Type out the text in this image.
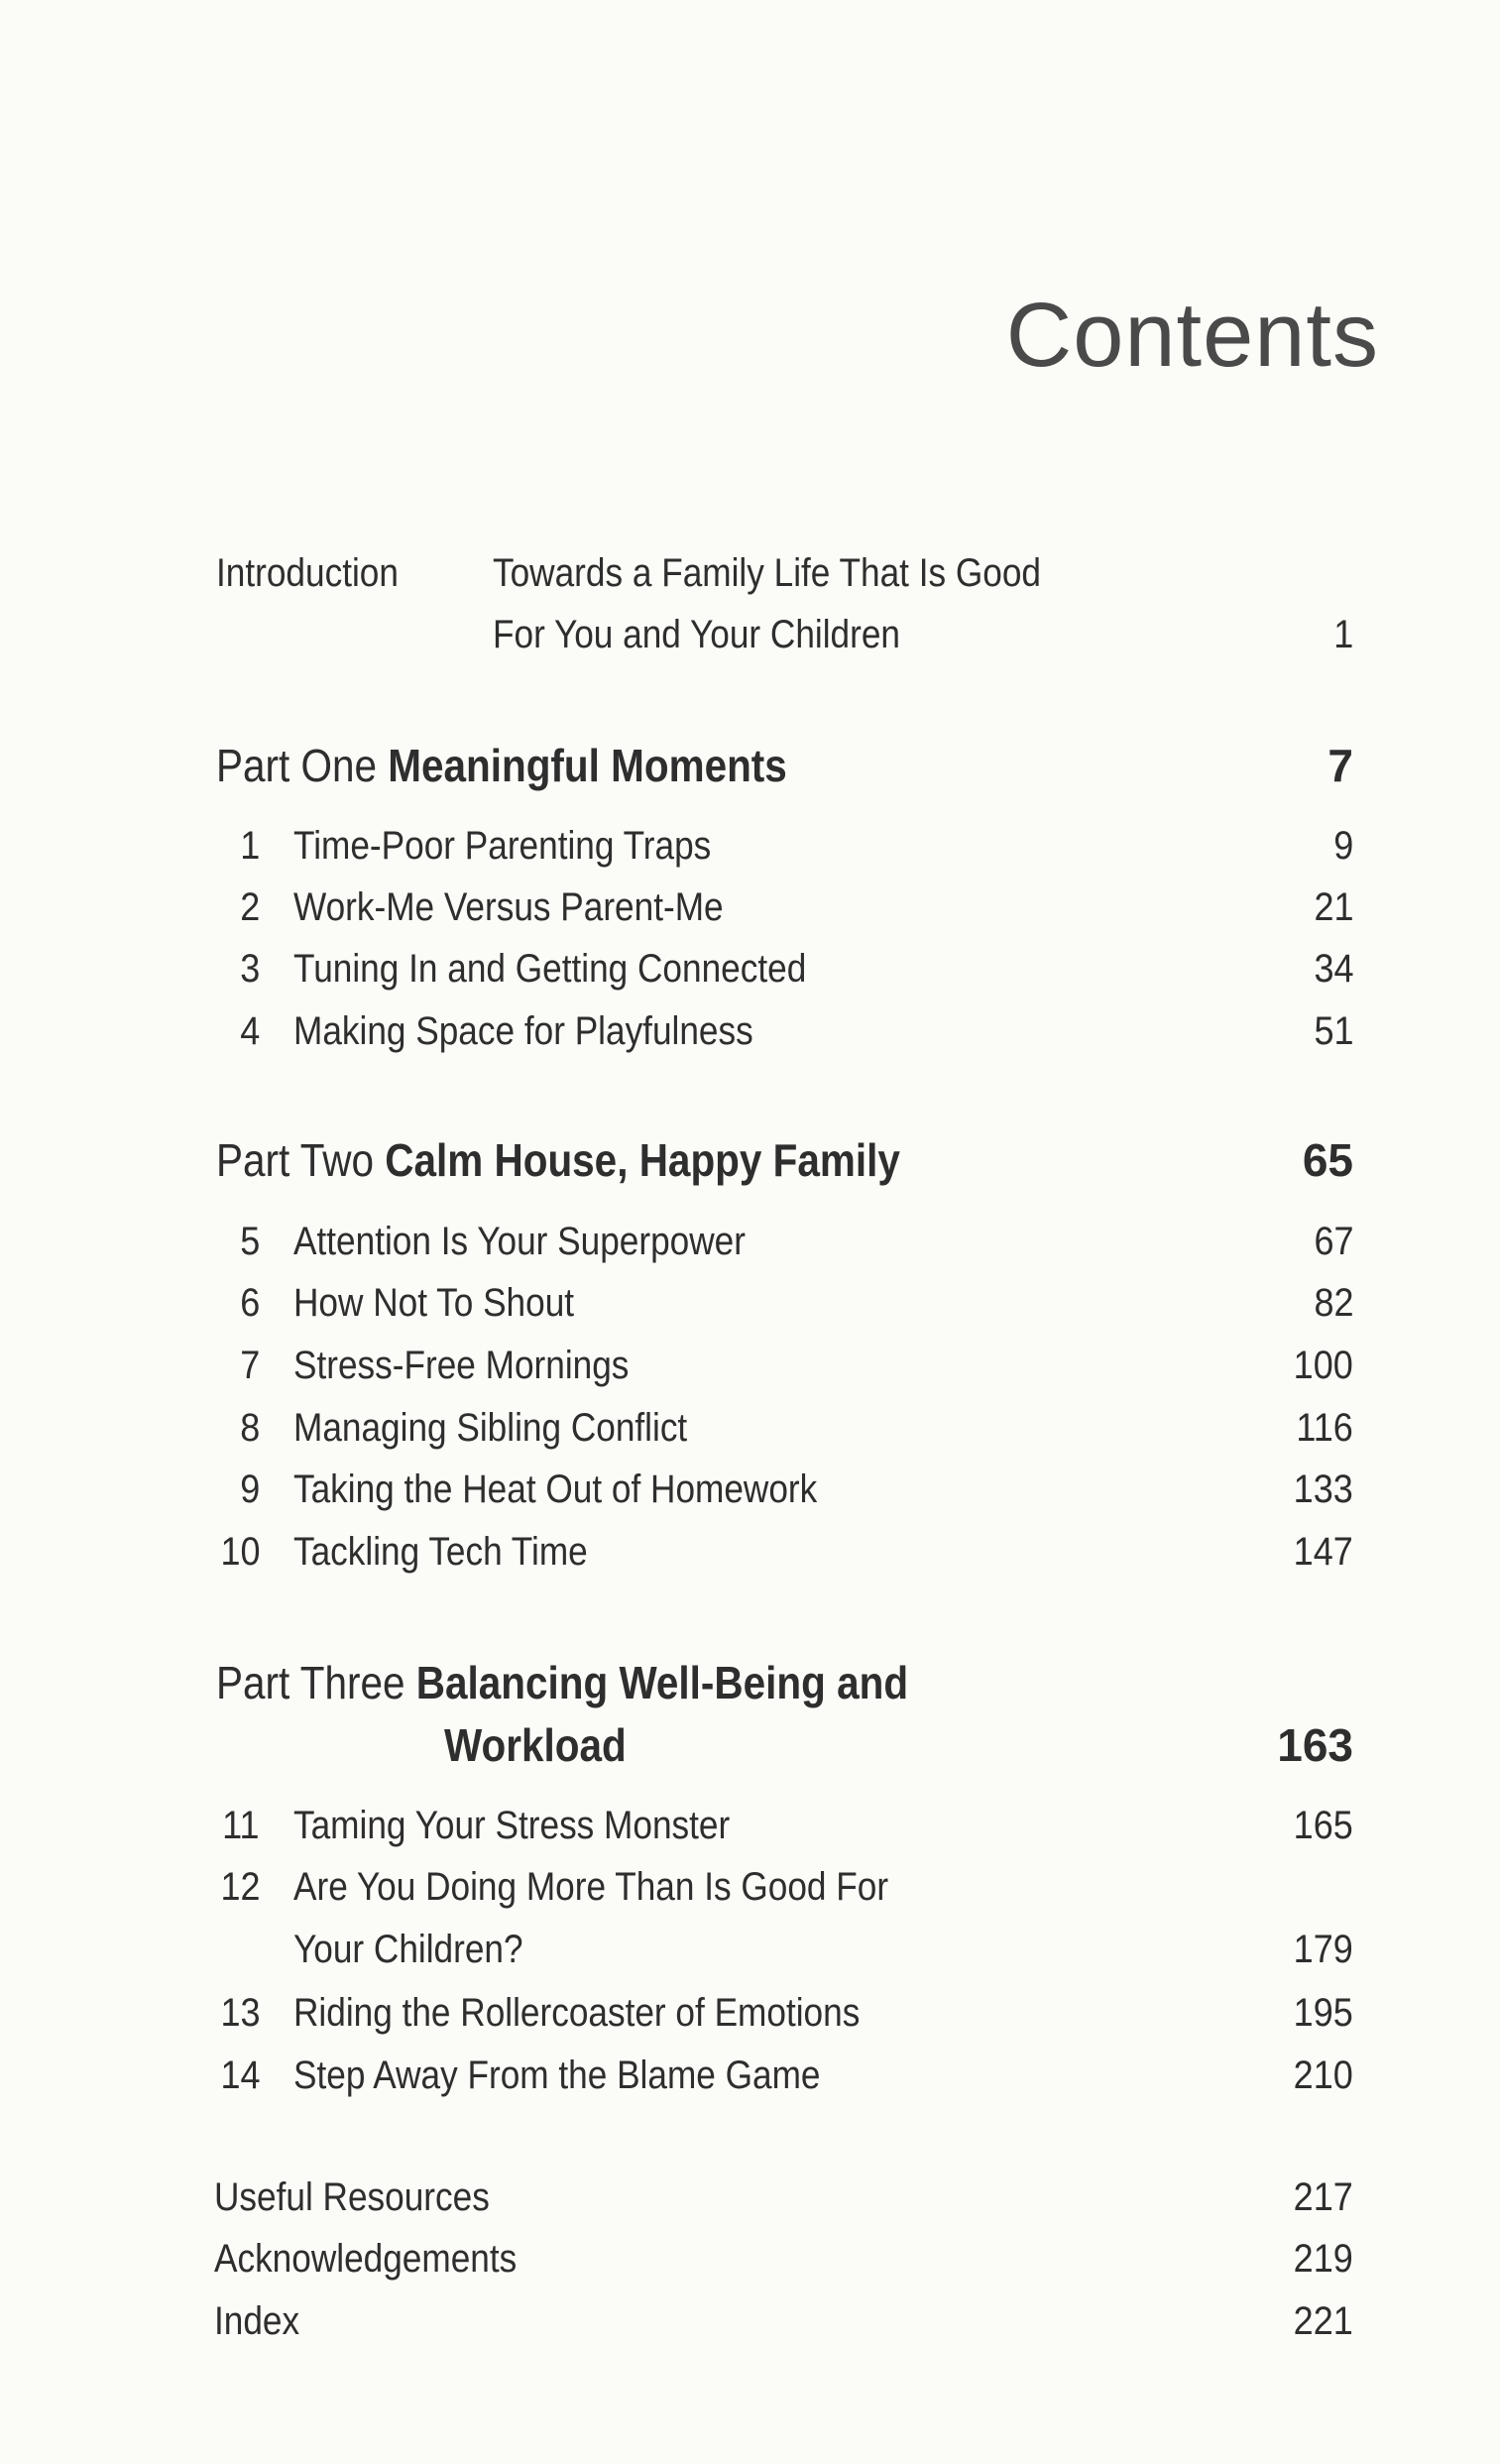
Contents
Introduction Towards a Family Life That Is Good
For You and Your Children	1
Part One Meaningful Moments	7
1 Time-Poor Parenting Traps	9
2 Work-Me Versus Parent-Me	21
3 Tuning In and Getting Connected	34
4 Making Space for Playfulness	51
Part Two Calm House, Happy Family	65
5 Attention Is Your Superpower	67
6 How Not To Shout	82
7 Stress-Free Mornings	100
8 Managing Sibling Conflict	116
9 Taking the Heat Out of Homework	133
10 Tackling Tech Time	147
Part Three Balancing Well-Being and
Workload	163
11 Taming Your Stress Monster	165
12 Are You Doing More Than Is Good For
Your Children?	179
13 Riding the Rollercoaster of Emotions	195
14 Step Away From the Blame Game	210
Useful Resources	217
Acknowledgements	219
Index	221
